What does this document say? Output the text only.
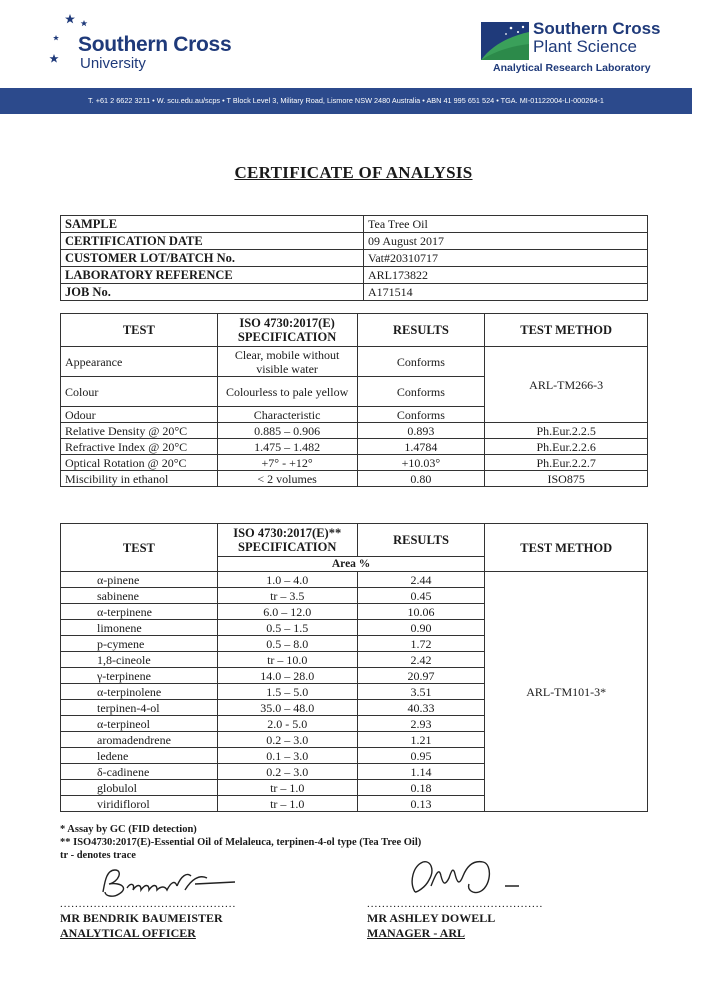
Southern Cross
University
Southern Cross
Plant Science
Analytical Research Laboratory
T. +61 2 6622 3211 • W. scu.edu.au/scps • T Block Level 3, Military Road, Lismore NSW 2480 Australia • ABN 41 995 651 524 • TGA. MI-01122004-LI-000264-1
CERTIFICATE OF ANALYSIS
SAMPLE	Tea Tree Oil
CERTIFICATION DATE	09 August 2017
CUSTOMER LOT/BATCH No.	Vat#20310717
LABORATORY REFERENCE	ARL173822
JOB No.	A171514
TEST	ISO 4730:2017(E) SPECIFICATION	RESULTS	TEST METHOD
Appearance	Clear, mobile without visible water	Conforms	ARL-TM266-3
Colour	Colourless to pale yellow	Conforms	
Odour	Characteristic	Conforms	
Relative Density @ 20°C	0.885 – 0.906	0.893	Ph.Eur.2.2.5
Refractive Index @ 20°C	1.475 – 1.482	1.4784	Ph.Eur.2.2.6
Optical Rotation @ 20°C	+7° - +12°	+10.03°	Ph.Eur.2.2.7
Miscibility in ethanol	< 2 volumes	0.80	ISO875
TEST	ISO 4730:2017(E)** SPECIFICATION	RESULTS	TEST METHOD
	Area %		
α-pinene	1.0 – 4.0	2.44	ARL-TM101-3*
sabinene	tr – 3.5	0.45	
α-terpinene	6.0 – 12.0	10.06	
limonene	0.5 – 1.5	0.90	
p-cymene	0.5 – 8.0	1.72	
1,8-cineole	tr – 10.0	2.42	
γ-terpinene	14.0 – 28.0	20.97	
α-terpinolene	1.5 – 5.0	3.51	
terpinen-4-ol	35.0 – 48.0	40.33	
α-terpineol	2.0 - 5.0	2.93	
aromadendrene	0.2 – 3.0	1.21	
ledene	0.1 – 3.0	0.95	
δ-cadinene	0.2 – 3.0	1.14	
globulol	tr – 1.0	0.18	
viridiflorol	tr – 1.0	0.13	
* Assay by GC (FID detection)
** ISO4730:2017(E)-Essential Oil of Melaleuca, terpinen-4-ol type (Tea Tree Oil)
tr - denotes trace
...............................................
MR BENDRIK BAUMEISTER
ANALYTICAL OFFICER
...............................................
MR ASHLEY DOWELL
MANAGER - ARL
